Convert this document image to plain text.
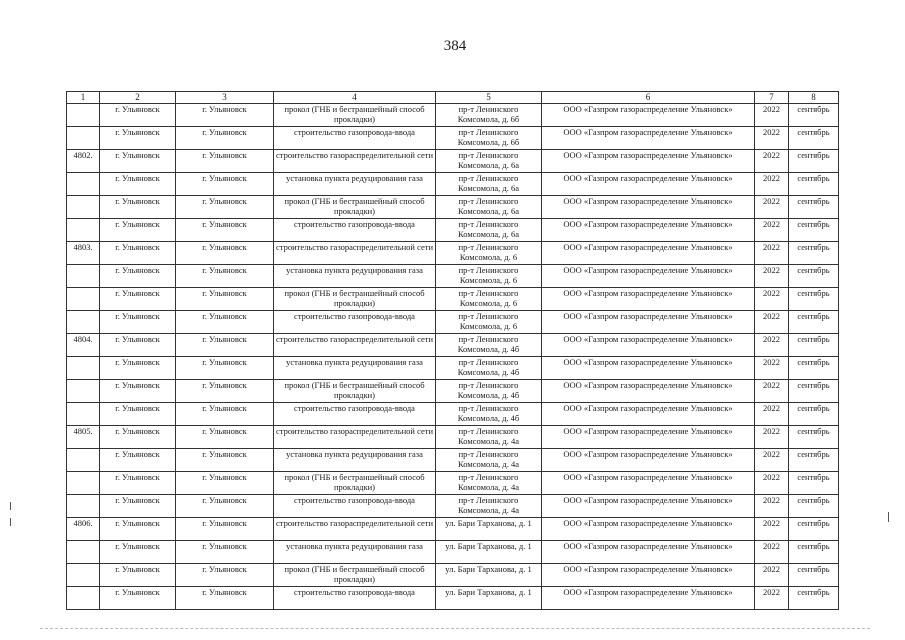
384
1	2	3	4	5	6	7	8
	г. Ульяновск	г. Ульяновск	прокол (ГНБ и бестраншейный способ прокладки)	пр-т Ленинского Комсомола, д. 6б	ООО «Газпром газораспределение Ульяновск»	2022	сентябрь
	г. Ульяновск	г. Ульяновск	строительство газопровода-ввода	пр-т Ленинского Комсомола, д. 6б	ООО «Газпром газораспределение Ульяновск»	2022	сентябрь
4802.	г. Ульяновск	г. Ульяновск	строительство газораспределительной сети	пр-т Ленинского Комсомола, д. 6а	ООО «Газпром газораспределение Ульяновск»	2022	сентябрь
	г. Ульяновск	г. Ульяновск	установка пункта редуцирования газа	пр-т Ленинского Комсомола, д. 6а	ООО «Газпром газораспределение Ульяновск»	2022	сентябрь
	г. Ульяновск	г. Ульяновск	прокол (ГНБ и бестраншейный способ прокладки)	пр-т Ленинского Комсомола, д. 6а	ООО «Газпром газораспределение Ульяновск»	2022	сентябрь
	г. Ульяновск	г. Ульяновск	строительство газопровода-ввода	пр-т Ленинского Комсомола, д. 6а	ООО «Газпром газораспределение Ульяновск»	2022	сентябрь
4803.	г. Ульяновск	г. Ульяновск	строительство газораспределительной сети	пр-т Ленинского Комсомола, д. 6	ООО «Газпром газораспределение Ульяновск»	2022	сентябрь
	г. Ульяновск	г. Ульяновск	установка пункта редуцирования газа	пр-т Ленинского Комсомола, д. 6	ООО «Газпром газораспределение Ульяновск»	2022	сентябрь
	г. Ульяновск	г. Ульяновск	прокол (ГНБ и бестраншейный способ прокладки)	пр-т Ленинского Комсомола, д. 6	ООО «Газпром газораспределение Ульяновск»	2022	сентябрь
	г. Ульяновск	г. Ульяновск	строительство газопровода-ввода	пр-т Ленинского Комсомола, д. 6	ООО «Газпром газораспределение Ульяновск»	2022	сентябрь
4804.	г. Ульяновск	г. Ульяновск	строительство газораспределительной сети	пр-т Ленинского Комсомола, д. 4б	ООО «Газпром газораспределение Ульяновск»	2022	сентябрь
	г. Ульяновск	г. Ульяновск	установка пункта редуцирования газа	пр-т Ленинского Комсомола, д. 4б	ООО «Газпром газораспределение Ульяновск»	2022	сентябрь
	г. Ульяновск	г. Ульяновск	прокол (ГНБ и бестраншейный способ прокладки)	пр-т Ленинского Комсомола, д. 4б	ООО «Газпром газораспределение Ульяновск»	2022	сентябрь
	г. Ульяновск	г. Ульяновск	строительство газопровода-ввода	пр-т Ленинского Комсомола, д. 4б	ООО «Газпром газораспределение Ульяновск»	2022	сентябрь
4805.	г. Ульяновск	г. Ульяновск	строительство газораспределительной сети	пр-т Ленинского Комсомола, д. 4а	ООО «Газпром газораспределение Ульяновск»	2022	сентябрь
	г. Ульяновск	г. Ульяновск	установка пункта редуцирования газа	пр-т Ленинского Комсомола, д. 4а	ООО «Газпром газораспределение Ульяновск»	2022	сентябрь
	г. Ульяновск	г. Ульяновск	прокол (ГНБ и бестраншейный способ прокладки)	пр-т Ленинского Комсомола, д. 4а	ООО «Газпром газораспределение Ульяновск»	2022	сентябрь
	г. Ульяновск	г. Ульяновск	строительство газопровода-ввода	пр-т Ленинского Комсомола, д. 4а	ООО «Газпром газораспределение Ульяновск»	2022	сентябрь
4806.	г. Ульяновск	г. Ульяновск	строительство газораспределительной сети	ул. Бари Тарханова, д. 1	ООО «Газпром газораспределение Ульяновск»	2022	сентябрь
	г. Ульяновск	г. Ульяновск	установка пункта редуцирования газа	ул. Бари Тарханова, д. 1	ООО «Газпром газораспределение Ульяновск»	2022	сентябрь
	г. Ульяновск	г. Ульяновск	прокол (ГНБ и бестраншейный способ прокладки)	ул. Бари Тарханова, д. 1	ООО «Газпром газораспределение Ульяновск»	2022	сентябрь
	г. Ульяновск	г. Ульяновск	строительство газопровода-ввода	ул. Бари Тарханова, д. 1	ООО «Газпром газораспределение Ульяновск»	2022	сентябрь
